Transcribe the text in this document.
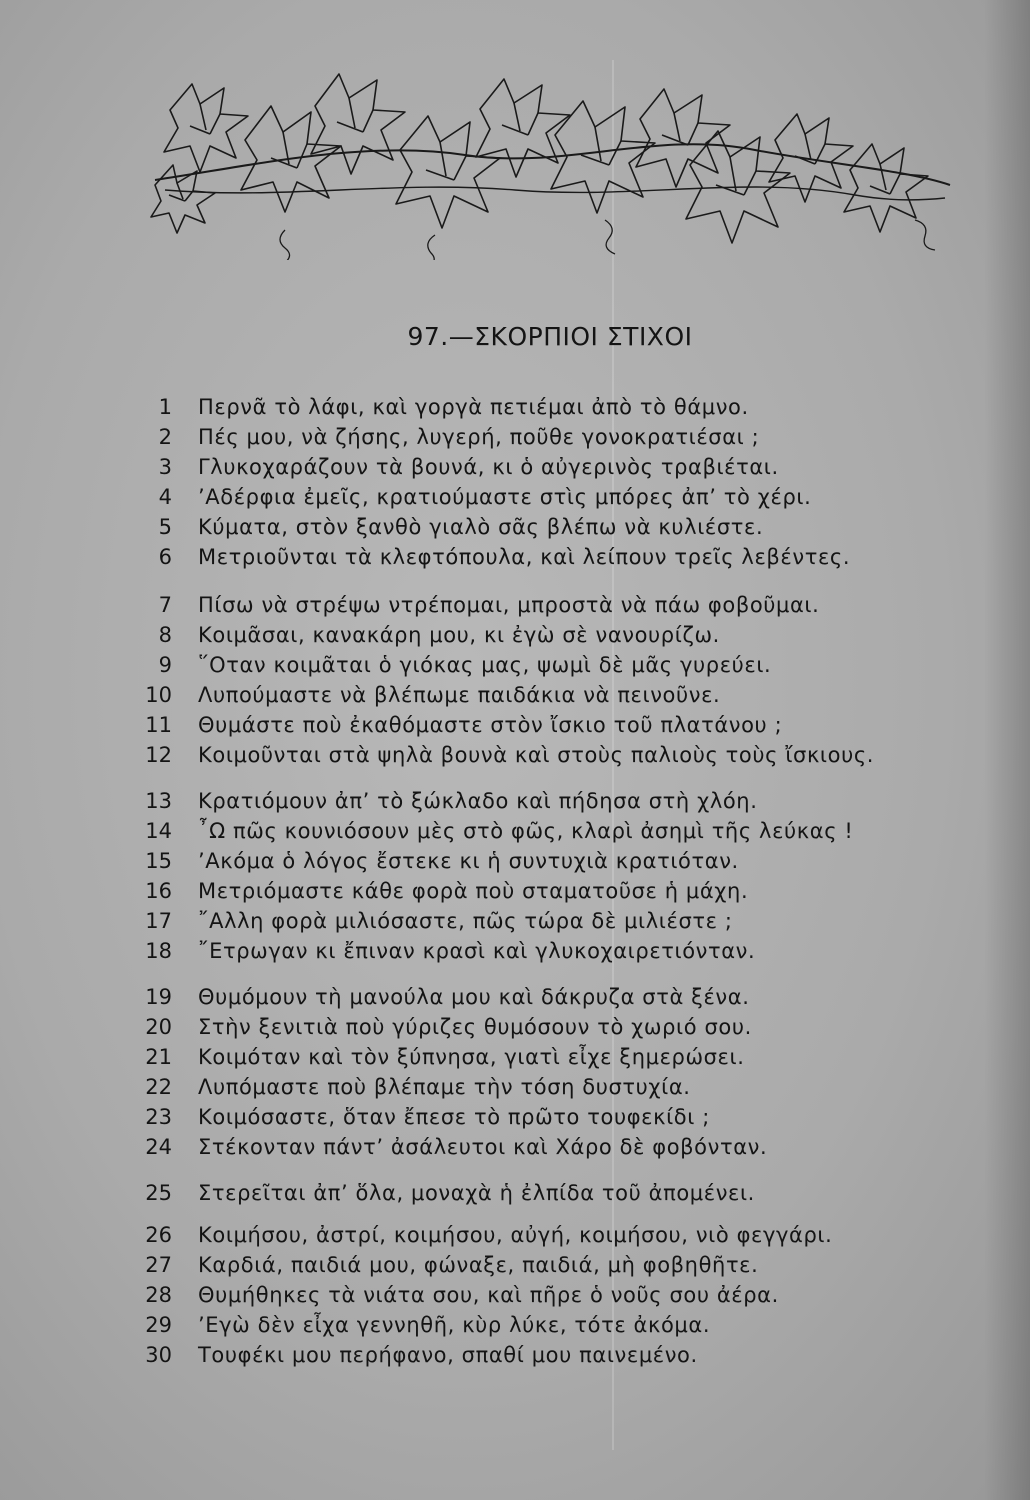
97.—ΣΚΟΡΠΙΟΙ ΣΤΙΧΟΙ
1 Περνᾶ τὸ λάφι, καὶ γοργὰ πετιέμαι ἀπὸ τὸ θάμνο.
2 Πές μου, νὰ ζήσης, λυγερή, ποῦθε γονοκρατιέσαι ;
3 Γλυκοχαράζουν τὰ βουνά, κι ὁ αὐγερινὸς τραβιέται.
4 ’Αδέρφια ἐμεῖς, κρατιούμαστε στὶς μπόρες ἀπ’ τὸ χέρι.
5 Κύματα, στὸν ξανθὸ γιαλὸ σᾶς βλέπω νὰ κυλιέστε.
6 Μετριοῦνται τὰ κλεφτόπουλα, καὶ λείπουν τρεῖς λεβέντες.
7 Πίσω νὰ στρέψω ντρέπομαι, μπροστὰ νὰ πάω φοβοῦμαι.
8 Κοιμᾶσαι, κανακάρη μου, κι ἐγὼ σὲ νανουρίζω.
9 ῞Οταν κοιμᾶται ὁ γιόκας μας, ψωμὶ δὲ μᾶς γυρεύει.
10 Λυπούμαστε νὰ βλέπωμε παιδάκια νὰ πεινοῦνε.
11 Θυμάστε ποὺ ἐκαθόμαστε στὸν ἴσκιο τοῦ πλατάνου ;
12 Κοιμοῦνται στὰ ψηλὰ βουνὰ καὶ στοὺς παλιοὺς τοὺς ἴσκιους.
13 Κρατιόμουν ἀπ’ τὸ ξώκλαδο καὶ πήδησα στὴ χλόη.
14 ῏Ω πῶς κουνιόσουν μὲς στὸ φῶς, κλαρὶ ἀσημὶ τῆς λεύκας !
15 ’Ακόμα ὁ λόγος ἔστεκε κι ἡ συντυχιὰ κρατιόταν.
16 Μετριόμαστε κάθε φορὰ ποὺ σταματοῦσε ἡ μάχη.
17 ῎Αλλη φορὰ μιλιόσαστε, πῶς τώρα δὲ μιλιέστε ;
18 ῎Ετρωγαν κι ἔπιναν κρασὶ καὶ γλυκοχαιρετιόνταν.
19 Θυμόμουν τὴ μανούλα μου καὶ δάκρυζα στὰ ξένα.
20 Στὴν ξενιτιὰ ποὺ γύριζες θυμόσουν τὸ χωριό σου.
21 Κοιμόταν καὶ τὸν ξύπνησα, γιατὶ εἶχε ξημερώσει.
22 Λυπόμαστε ποὺ βλέπαμε τὴν τόση δυστυχία.
23 Κοιμόσαστε, ὅταν ἔπεσε τὸ πρῶτο τουφεκίδι ;
24 Στέκονταν πάντ’ ἀσάλευτοι καὶ Χάρο δὲ φοβόνταν.
25 Στερεῖται ἀπ’ ὅλα, μοναχὰ ἡ ἐλπίδα τοῦ ἀπομένει.
26 Κοιμήσου, ἀστρί, κοιμήσου, αὐγή, κοιμήσου, νιὸ φεγγάρι.
27 Καρδιά, παιδιά μου, φώναξε, παιδιά, μὴ φοβηθῆτε.
28 Θυμήθηκες τὰ νιάτα σου, καὶ πῆρε ὁ νοῦς σου ἀέρα.
29 ’Εγὼ δὲν εἶχα γεννηθῆ, κὺρ λύκε, τότε ἀκόμα.
30 Τουφέκι μου περήφανο, σπαθί μου παινεμένο.
